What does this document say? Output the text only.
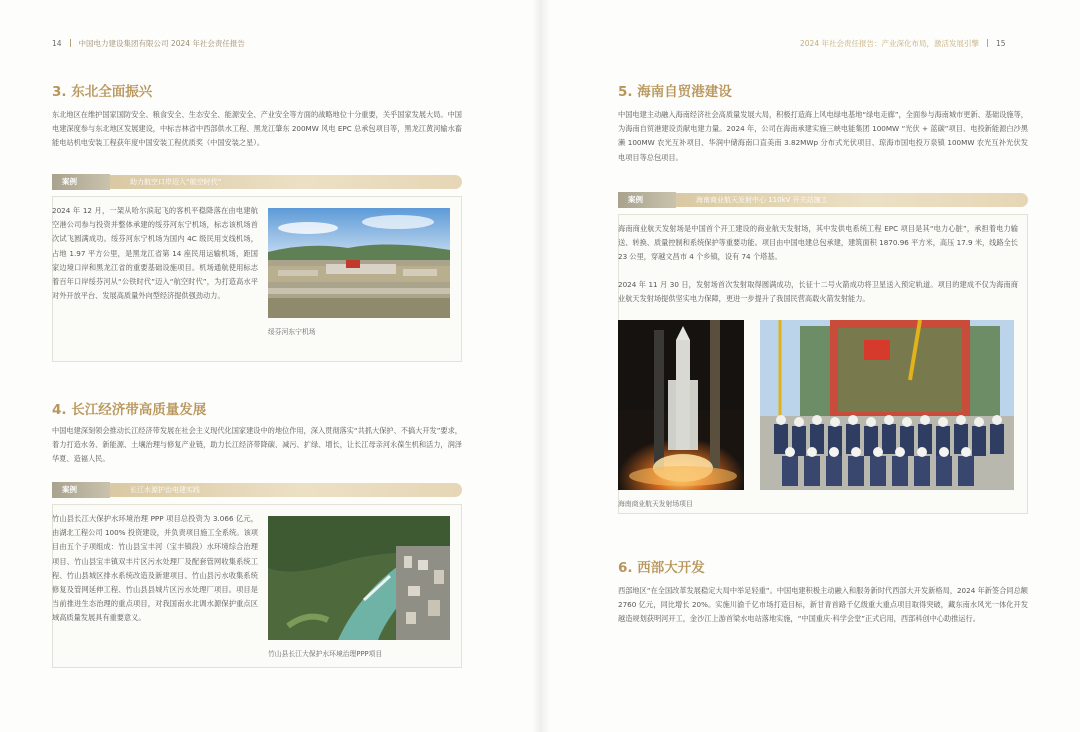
14 中国电力建设集团有限公司 2024 年社会责任报告
3. 东北全面振兴
东北地区在维护国家国防安全、粮食安全、生态安全、能源安全、产业安全等方面的战略地位十分重要，关乎国家发展大局。中国电建深度参与东北地区发展建设，中标吉林省中西部供水工程、黑龙江肇东 200MW 风电 EPC 总承包项目等，黑龙江黄河输水畜能电站机电安装工程获年度中国安装工程优质奖（中国安装之星）。
案例	助力航空口岸迈入“航空时代”
2024 年 12 月，一架从哈尔滨起飞的客机平稳降落在由电建航空港公司参与投资并整体承建的绥芬河东宁机场，标志该机场首次试飞圆满成功。绥芬河东宁机场为国内 4C 级民用支线机场，占地 1.97 平方公里，是黑龙江省第 14 座民用运输机场，距国家边境口岸和黑龙江省的重要基础设施项目。机场通航使用标志着百年口岸绥芬河从“公铁时代”迈入“航空时代”，为打造高水平对外开放平台、发展高质量外向型经济提供强劲动力。
绥芬河东宁机场
4. 长江经济带高质量发展
中国电建深刻领会推动长江经济带发展在社会主义现代化国家建设中的地位作用，深入贯彻落实“共抓大保护、不搞大开发”要求，着力打造水务、新能源、土壤治理与修复产业链，助力长江经济带降碳、减污、扩绿、增长，让长江母亲河永葆生机和活力，润泽华夏、造福人民。
案例	长江水源护治电建实践
竹山县长江大保护水环境治理 PPP 项目总投资为 3.066 亿元，由湖北工程公司 100% 投资建设，并负责项目施工全系统。该项目由五个子项组成：竹山县宝丰河（宝丰镇段）水环境综合治理项目、竹山县宝丰镇双丰片区污水处理厂及配套管网收集系统工程、竹山县城区排水系统改造及新建项目、竹山县污水收集系统修复及管网延伸工程、竹山县县城片区污水处理厂项目。项目是当前推进生态治理的重点项目，对我国南水北调水源保护重点区域高质量发展具有重要意义。
竹山县长江大保护水环境治理PPP项目
2024 年社会责任报告：产业深化布局，激活发展引擎 15
5. 海南自贸港建设
中国电建主动融入海南经济社会高质量发展大局，积极打造海上风电绿电基地“绿电走廊”，全面参与海南城市更新、基础设施等，为海南自贸港建设贡献电建力量。2024 年，公司在海南承建实施三峡电能集团 100MW “光伏 + 蓝碳”项目、电投新能源白沙黑濑 100MW 农光互补项目、华润中储海南口直美南 3.82MWp 分布式光伏项目、琼海市国电投万泉镇 100MW 农光互补光伏发电项目等总包项目。
案例	海南商业航天发射中心 110kV 开关站施工
海南商业航天发射场是中国首个开工建设的商业航天发射场，其中发供电系统工程 EPC 项目是其“电力心脏”，承担着电力输送、转换、质量控制和系统保护等重要功能。项目由中国电建总包承建，建筑面积 1870.96 平方米，高压 17.9 米，线路全长 23 公里，穿越文昌市 4 个乡镇，设有 74 个塔基。
2024 年 11 月 30 日，发射场首次发射取得圆满成功，长征十二号火箭成功将卫星送入预定轨道。项目的建成不仅为海南商业航天发射场提供坚实电力保障，更进一步提升了我国民营高载火箭发射能力。
海南商业航天发射场项目
6. 西部大开发
西部地区“在全国改革发展稳定大局中举足轻重”。中国电建积极主动融入和服务新时代西部大开发新格局，2024 年新签合同总额 2760 亿元，同比增长 20%。实施川渝千亿市场打造目标，新甘青首路千亿级重大重点项目取得突破，藏东南水风光一体化开发越造规划获明河开工，金沙江上游首梁水电站落地实施，“中国重庆·科学会堂”正式启用，西部科创中心助推运行。
